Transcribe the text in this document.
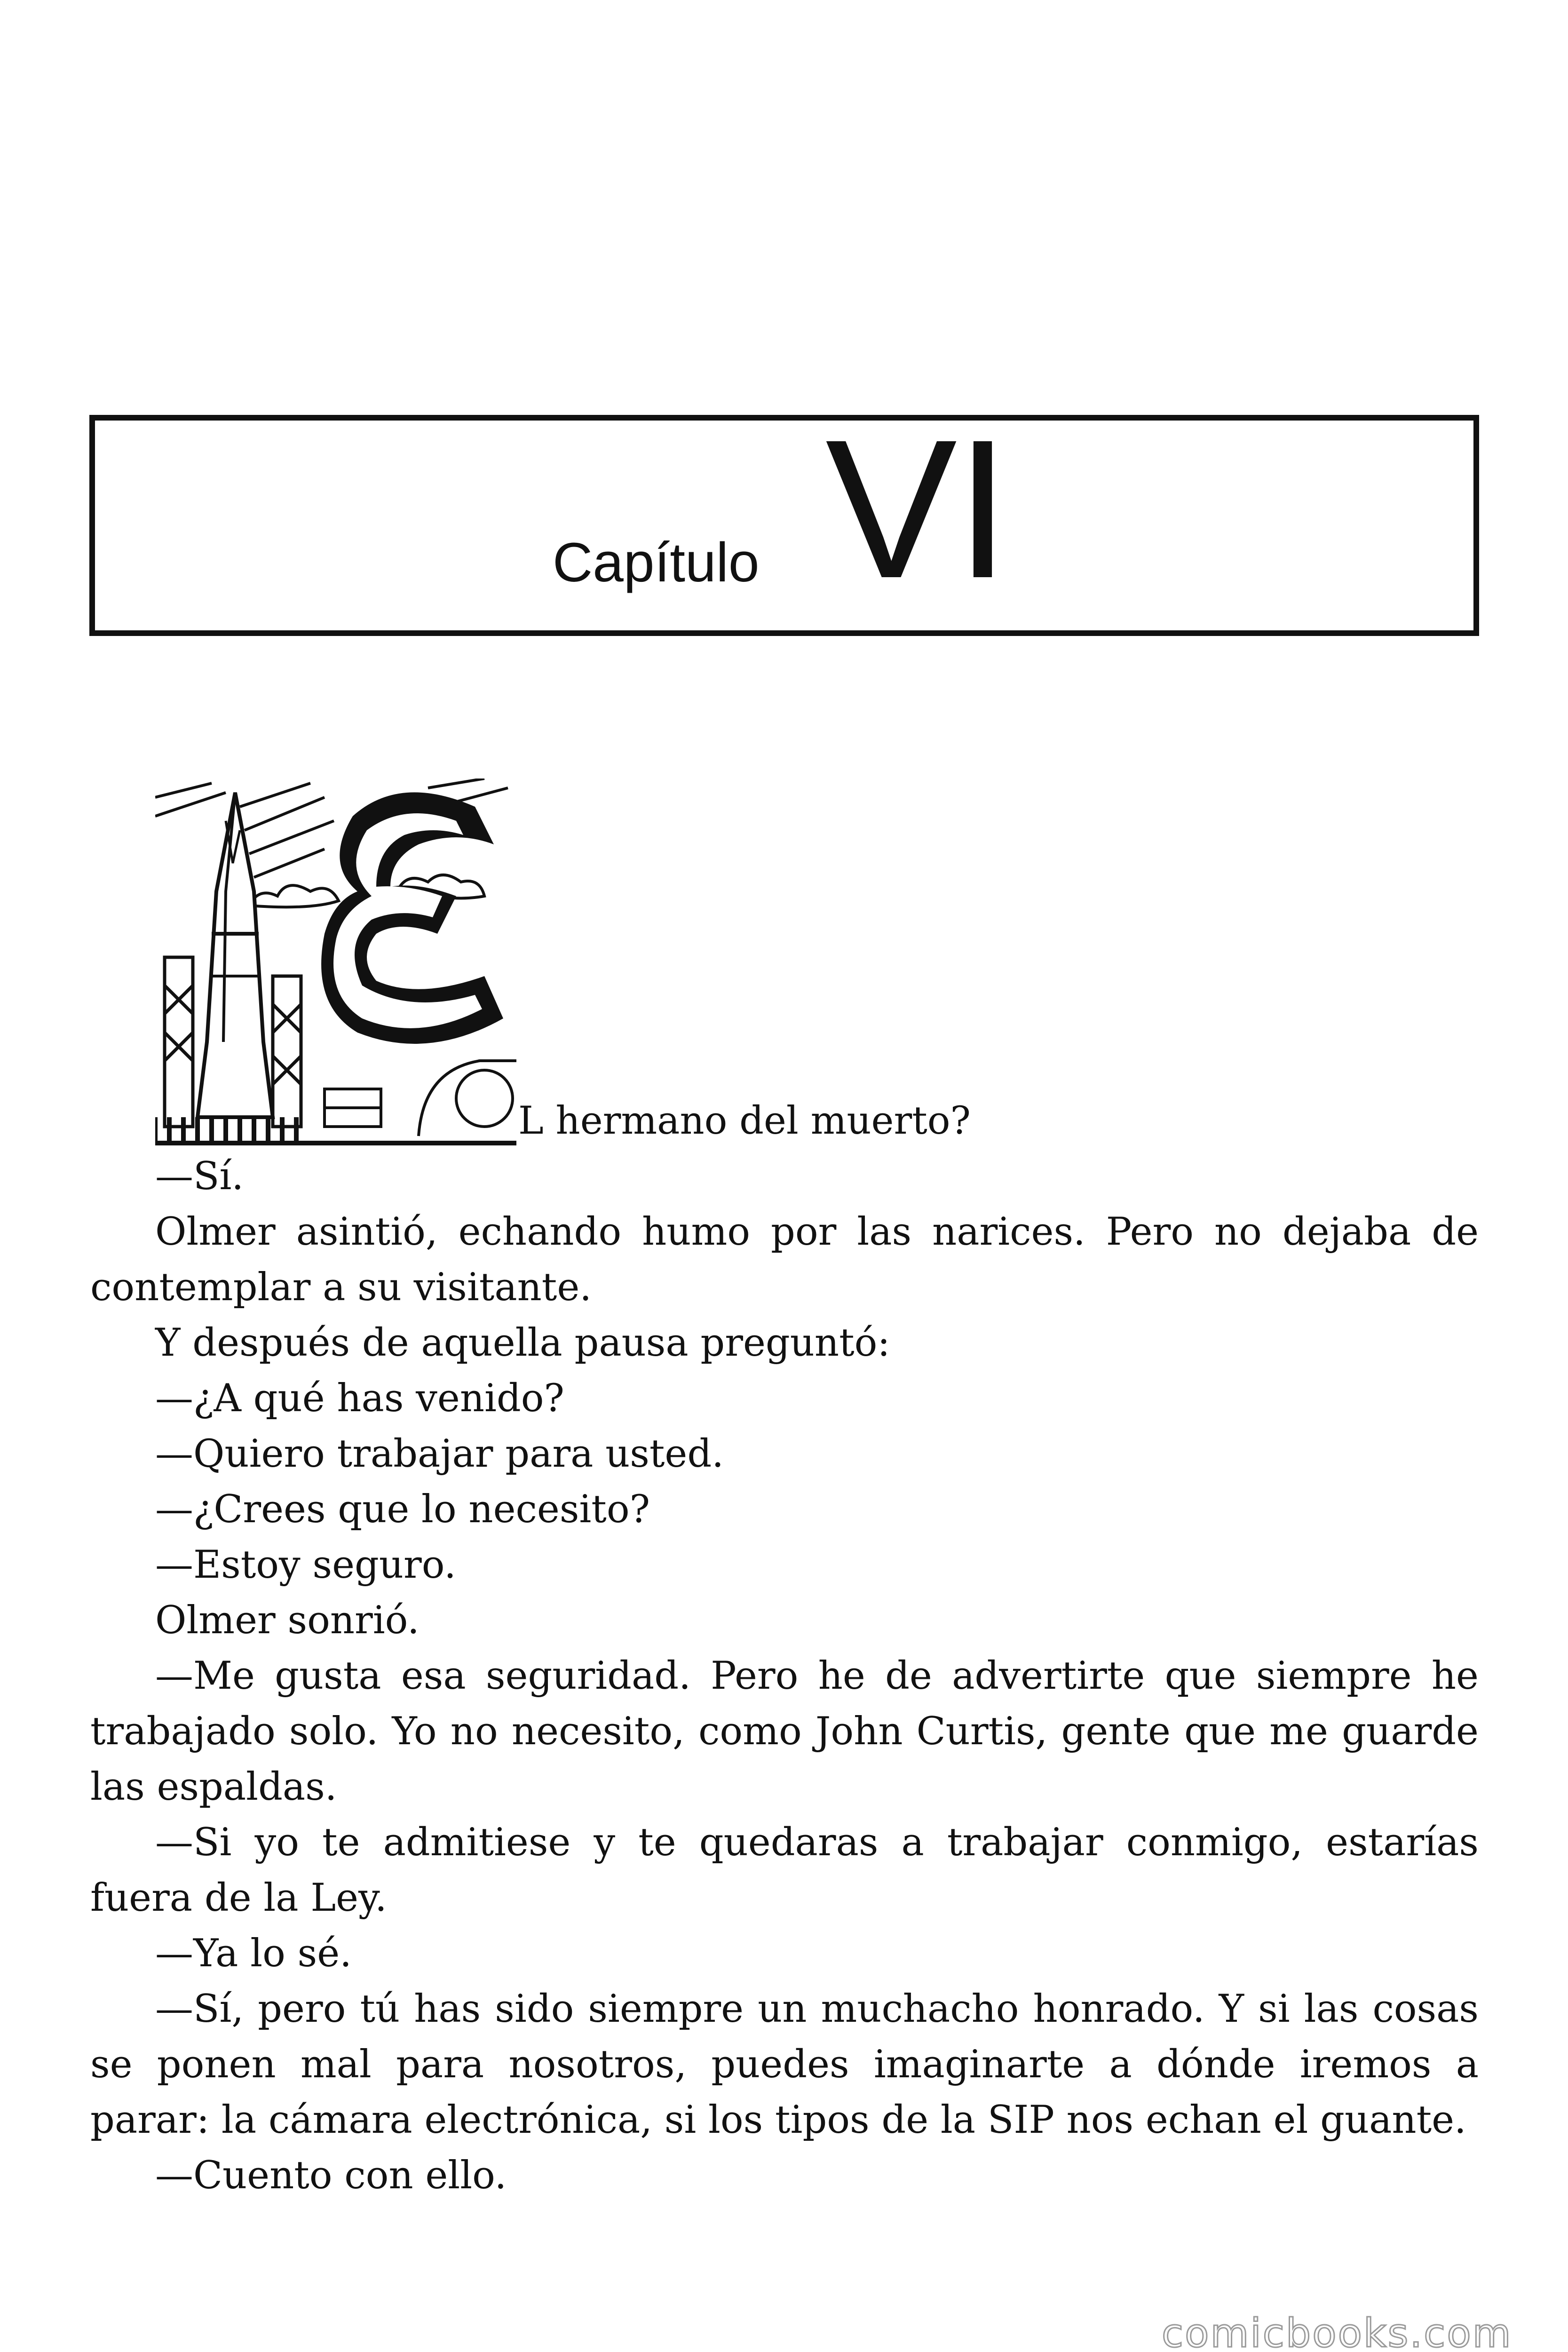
Capítulo VI

L hermano del muerto?

—Sí.

Olmer asintió, echando humo por las narices. Pero no dejaba de contemplar a su visitante.

Y después de aquella pausa preguntó:

—¿A qué has venido?

—Quiero trabajar para usted.

—¿Crees que lo necesito?

—Estoy seguro.

Olmer sonrió.

—Me gusta esa seguridad. Pero he de advertirte que siempre he trabajado solo. Yo no necesito, como John Curtis, gente que me guarde las espaldas.

—Si yo te admitiese y te quedaras a trabajar conmigo, estarías fuera de la Ley.

—Ya lo sé.

—Sí, pero tú has sido siempre un muchacho honrado. Y si las cosas se ponen mal para nosotros, puedes imaginarte a dónde iremos a parar: la cámara electrónica, si los tipos de la SIP nos echan el guante.

—Cuento con ello.

comicbooks.com
